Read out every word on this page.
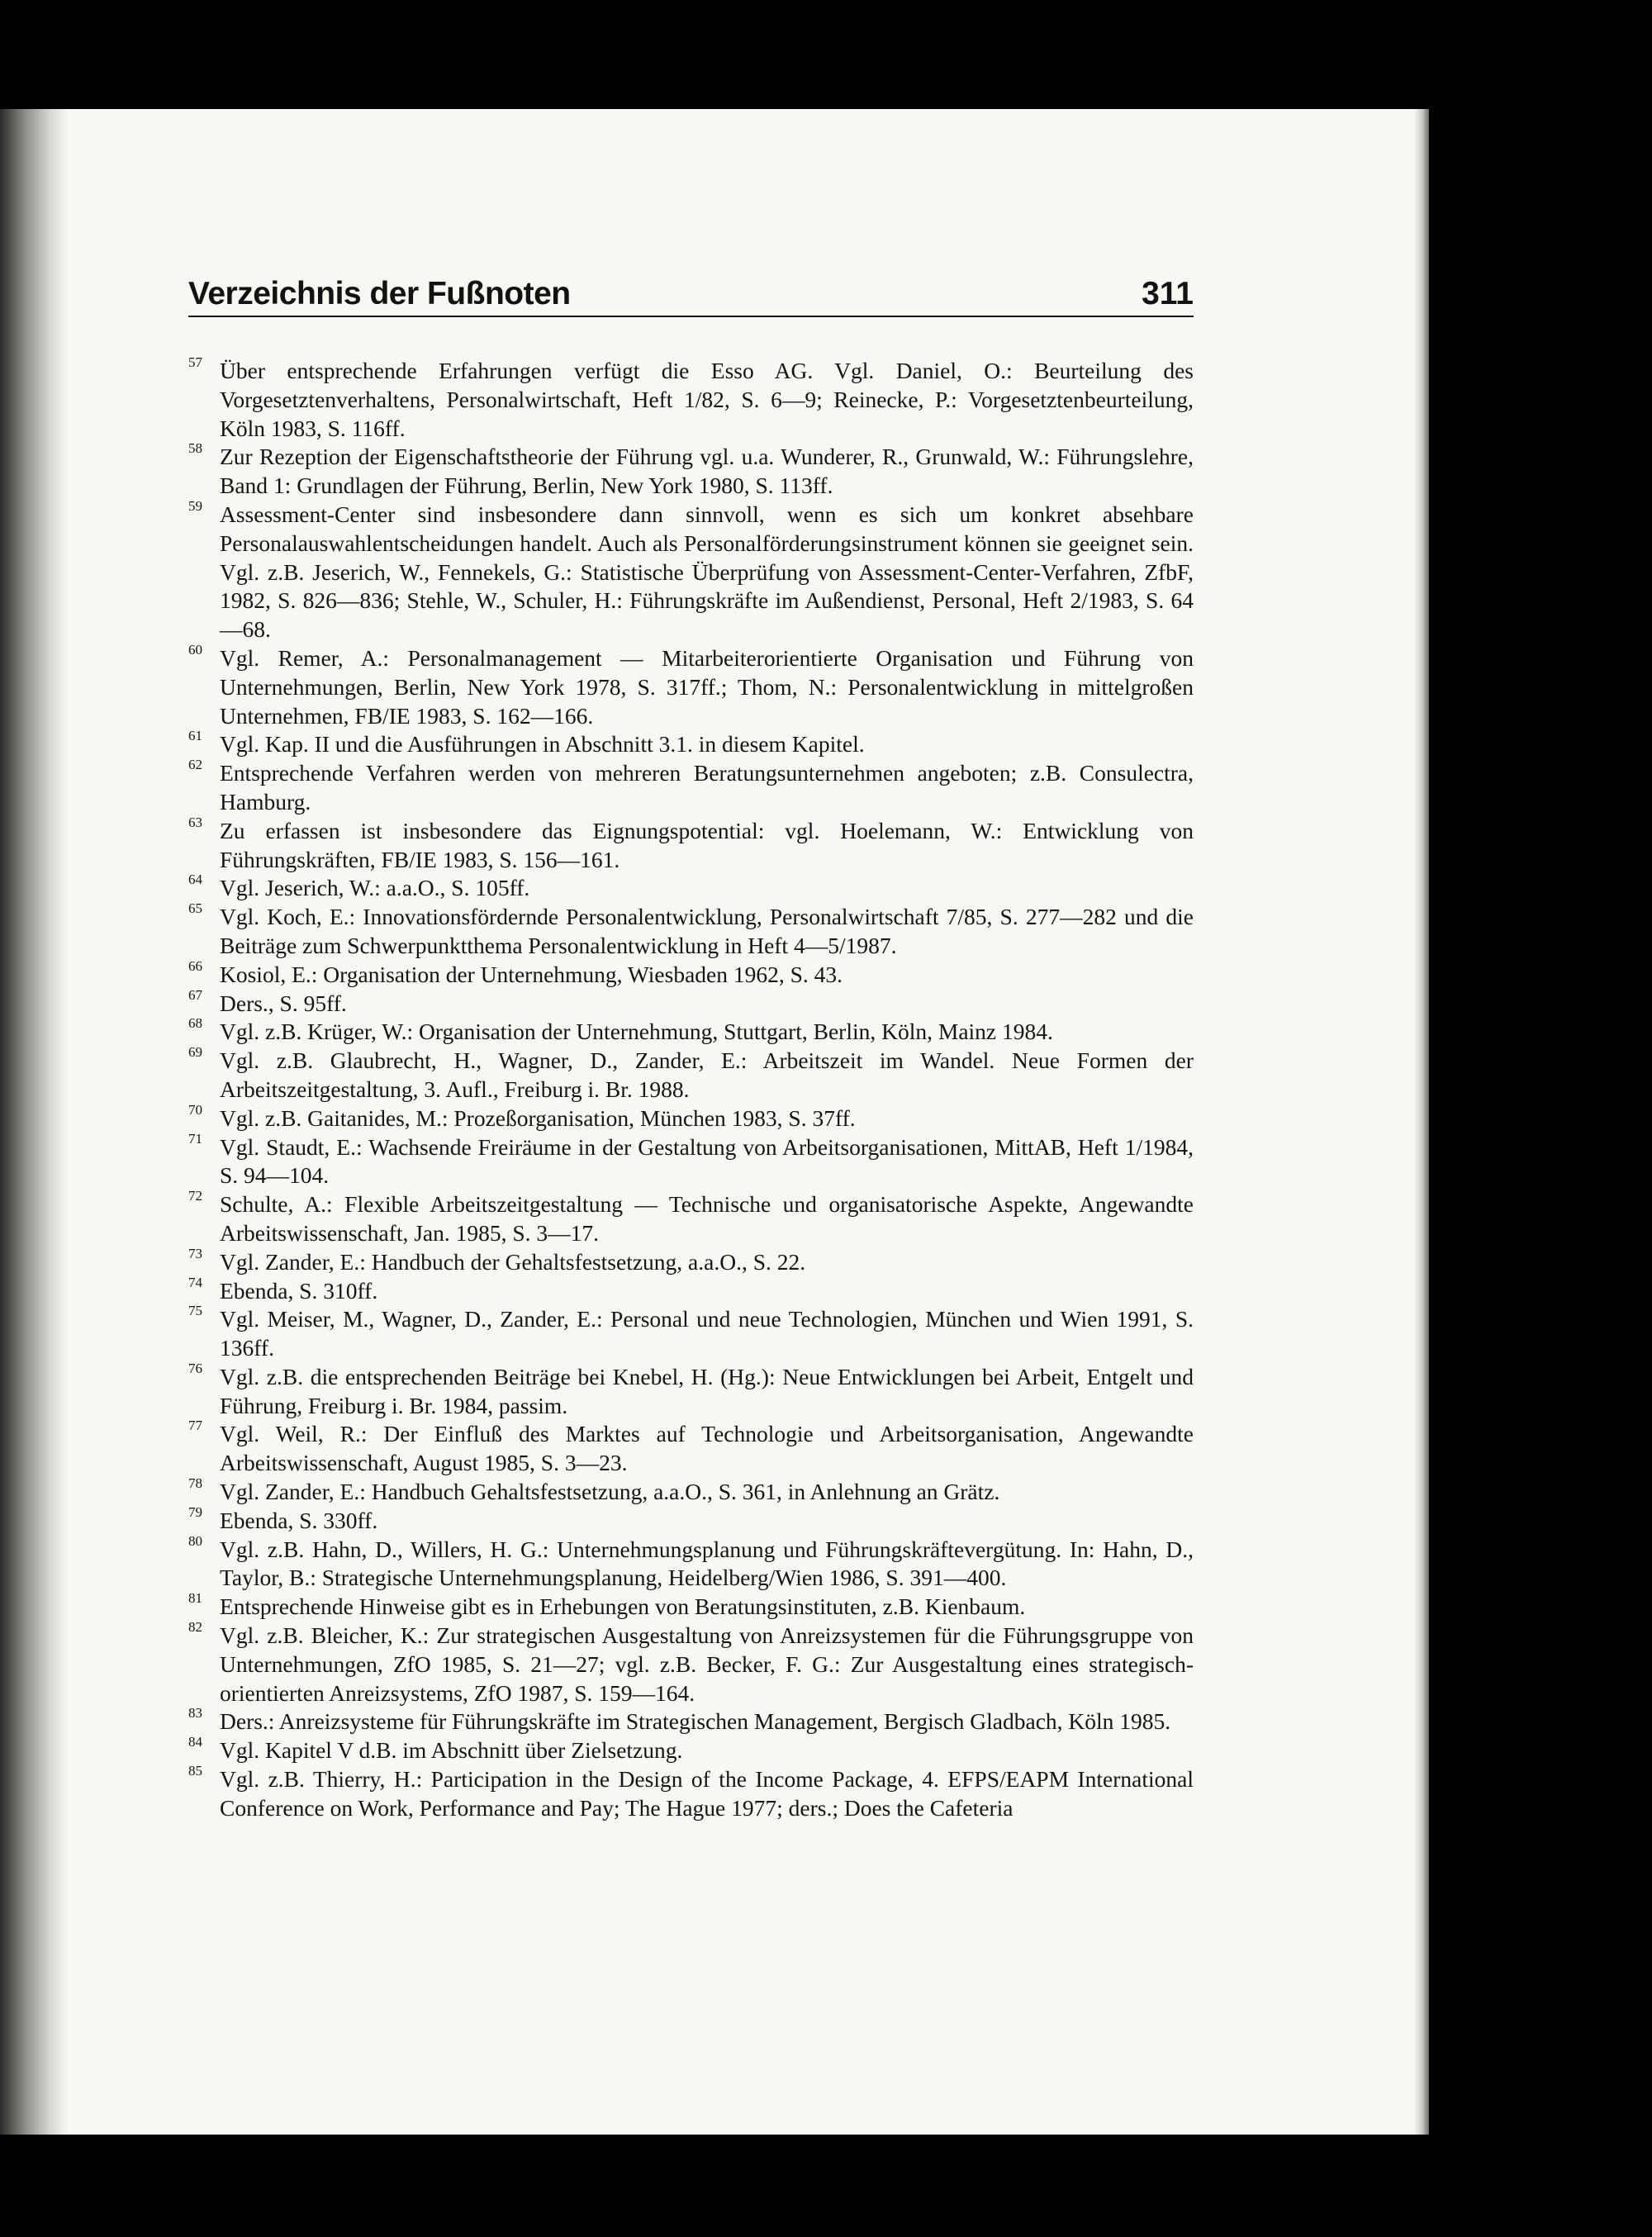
Verzeichnis der Fußnoten	311
57 Über entsprechende Erfahrungen verfügt die Esso AG. Vgl. Daniel, O.: Beurteilung des Vorgesetztenverhaltens, Personalwirtschaft, Heft 1/82, S. 6—9; Reinecke, P.: Vorgesetztenbeurteilung, Köln 1983, S. 116ff.
58 Zur Rezeption der Eigenschaftstheorie der Führung vgl. u.a. Wunderer, R., Grunwald, W.: Führungslehre, Band 1: Grundlagen der Führung, Berlin, New York 1980, S. 113ff.
59 Assessment-Center sind insbesondere dann sinnvoll, wenn es sich um konkret absehbare Personalauswahlentscheidungen handelt. Auch als Personalförderungsinstrument können sie geeignet sein. Vgl. z.B. Jeserich, W., Fennekels, G.: Statistische Überprüfung von Assessment-Center-Verfahren, ZfbF, 1982, S. 826—836; Stehle, W., Schuler, H.: Führungskräfte im Außendienst, Personal, Heft 2/1983, S. 64—68.
60 Vgl. Remer, A.: Personalmanagement — Mitarbeiterorientierte Organisation und Führung von Unternehmungen, Berlin, New York 1978, S. 317ff.; Thom, N.: Personalentwicklung in mittelgroßen Unternehmen, FB/IE 1983, S. 162—166.
61 Vgl. Kap. II und die Ausführungen in Abschnitt 3.1. in diesem Kapitel.
62 Entsprechende Verfahren werden von mehreren Beratungsunternehmen angeboten; z.B. Consulectra, Hamburg.
63 Zu erfassen ist insbesondere das Eignungspotential: vgl. Hoelemann, W.: Entwicklung von Führungskräften, FB/IE 1983, S. 156—161.
64 Vgl. Jeserich, W.: a.a.O., S. 105ff.
65 Vgl. Koch, E.: Innovationsfördernde Personalentwicklung, Personalwirtschaft 7/85, S. 277—282 und die Beiträge zum Schwerpunktthema Personalentwicklung in Heft 4—5/1987.
66 Kosiol, E.: Organisation der Unternehmung, Wiesbaden 1962, S. 43.
67 Ders., S. 95ff.
68 Vgl. z.B. Krüger, W.: Organisation der Unternehmung, Stuttgart, Berlin, Köln, Mainz 1984.
69 Vgl. z.B. Glaubrecht, H., Wagner, D., Zander, E.: Arbeitszeit im Wandel. Neue Formen der Arbeitszeitgestaltung, 3. Aufl., Freiburg i. Br. 1988.
70 Vgl. z.B. Gaitanides, M.: Prozeßorganisation, München 1983, S. 37ff.
71 Vgl. Staudt, E.: Wachsende Freiräume in der Gestaltung von Arbeitsorganisationen, MittAB, Heft 1/1984, S. 94—104.
72 Schulte, A.: Flexible Arbeitszeitgestaltung — Technische und organisatorische Aspekte, Angewandte Arbeitswissenschaft, Jan. 1985, S. 3—17.
73 Vgl. Zander, E.: Handbuch der Gehaltsfestsetzung, a.a.O., S. 22.
74 Ebenda, S. 310ff.
75 Vgl. Meiser, M., Wagner, D., Zander, E.: Personal und neue Technologien, München und Wien 1991, S. 136ff.
76 Vgl. z.B. die entsprechenden Beiträge bei Knebel, H. (Hg.): Neue Entwicklungen bei Arbeit, Entgelt und Führung, Freiburg i. Br. 1984, passim.
77 Vgl. Weil, R.: Der Einfluß des Marktes auf Technologie und Arbeitsorganisation, Angewandte Arbeitswissenschaft, August 1985, S. 3—23.
78 Vgl. Zander, E.: Handbuch Gehaltsfestsetzung, a.a.O., S. 361, in Anlehnung an Grätz.
79 Ebenda, S. 330ff.
80 Vgl. z.B. Hahn, D., Willers, H. G.: Unternehmungsplanung und Führungskräftevergütung. In: Hahn, D., Taylor, B.: Strategische Unternehmungsplanung, Heidelberg/Wien 1986, S. 391—400.
81 Entsprechende Hinweise gibt es in Erhebungen von Beratungsinstituten, z.B. Kienbaum.
82 Vgl. z.B. Bleicher, K.: Zur strategischen Ausgestaltung von Anreizsystemen für die Führungsgruppe von Unternehmungen, ZfO 1985, S. 21—27; vgl. z.B. Becker, F. G.: Zur Ausgestaltung eines strategisch-orientierten Anreizsystems, ZfO 1987, S. 159—164.
83 Ders.: Anreizsysteme für Führungskräfte im Strategischen Management, Bergisch Gladbach, Köln 1985.
84 Vgl. Kapitel V d.B. im Abschnitt über Zielsetzung.
85 Vgl. z.B. Thierry, H.: Participation in the Design of the Income Package, 4. EFPS/EAPM International Conference on Work, Performance and Pay; The Hague 1977; ders.; Does the Cafeteria
